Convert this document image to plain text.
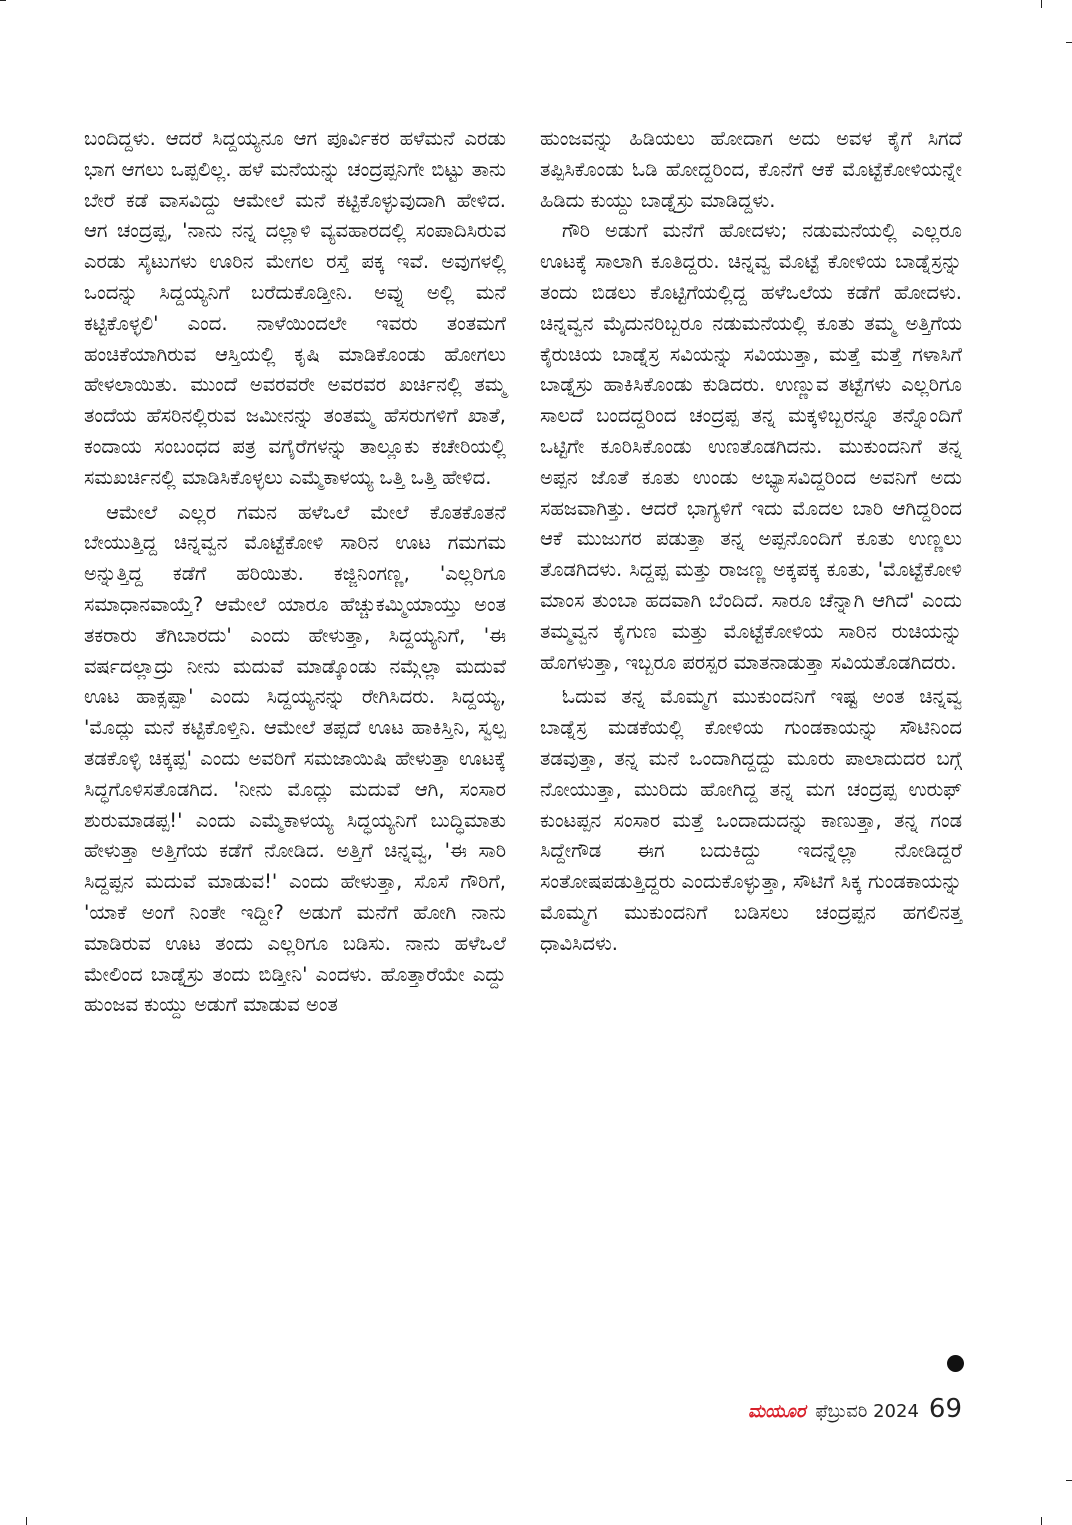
ಬಂದಿದ್ದಳು. ಆದರೆ ಸಿದ್ದಯ್ಯನೂ ಆಗ ಪೂರ್ವಿಕರ ಹಳೆಮನೆ ಎರಡು ಭಾಗ ಆಗಲು ಒಪ್ಪಲಿಲ್ಲ. ಹಳೆ ಮನೆಯನ್ನು ಚಂದ್ರಪ್ಪನಿಗೇ ಬಿಟ್ಟು ತಾನು ಬೇರೆ ಕಡೆ ವಾಸವಿದ್ದು ಆಮೇಲೆ ಮನೆ ಕಟ್ಟಿಕೊಳ್ಳುವುದಾಗಿ ಹೇಳಿದ. ಆಗ ಚಂದ್ರಪ್ಪ, 'ನಾನು ನನ್ನ ದಲ್ಲಾಳಿ ವ್ಯವಹಾರದಲ್ಲಿ ಸಂಪಾದಿಸಿರುವ ಎರಡು ಸೈಟುಗಳು ಊರಿನ ಮೇಗಲ ರಸ್ತೆ ಪಕ್ಕ ಇವೆ. ಅವುಗಳಲ್ಲಿ ಒಂದನ್ನು ಸಿದ್ದಯ್ಯನಿಗೆ ಬರೆದುಕೊಡ್ತೀನಿ. ಅವ್ನು ಅಲ್ಲಿ ಮನೆ ಕಟ್ಟಿಕೊಳ್ಳಲಿ' ಎಂದ. ನಾಳೆಯಿಂದಲೇ ಇವರು ತಂತಮಗೆ ಹಂಚಿಕೆಯಾಗಿರುವ ಆಸ್ತಿಯಲ್ಲಿ ಕೃಷಿ ಮಾಡಿಕೊಂಡು ಹೋಗಲು ಹೇಳಲಾಯಿತು. ಮುಂದೆ ಅವರವರೇ ಅವರವರ ಖರ್ಚಿನಲ್ಲಿ ತಮ್ಮ ತಂದೆಯ ಹೆಸರಿನಲ್ಲಿರುವ ಜಮೀನನ್ನು ತಂತಮ್ಮ ಹೆಸರುಗಳಿಗೆ ಖಾತೆ, ಕಂದಾಯ ಸಂಬಂಧದ ಪತ್ರ ವಗೈರೆಗಳನ್ನು ತಾಲ್ಲೂಕು ಕಚೇರಿಯಲ್ಲಿ ಸಮಖರ್ಚಿನಲ್ಲಿ ಮಾಡಿಸಿಕೊಳ್ಳಲು ಎಮ್ಮೆಕಾಳಯ್ಯ ಒತ್ತಿ ಒತ್ತಿ ಹೇಳಿದ.

ಆಮೇಲೆ ಎಲ್ಲರ ಗಮನ ಹಳೆಒಲೆ ಮೇಲೆ ಕೊತಕೊತನೆ ಬೇಯುತ್ತಿದ್ದ ಚಿನ್ನವ್ವನ ಮೊಟ್ಟೆಕೋಳಿ ಸಾರಿನ ಊಟ ಗಮಗಮ ಅನ್ನುತ್ತಿದ್ದ ಕಡೆಗೆ ಹರಿಯಿತು. ಕಜ್ಜಿನಿಂಗಣ್ಣ, 'ಎಲ್ಲರಿಗೂ ಸಮಾಧಾನವಾಯ್ತೆ? ಆಮೇಲೆ ಯಾರೂ ಹೆಚ್ಚುಕಮ್ಮಿಯಾಯ್ತು ಅಂತ ತಕರಾರು ತೆಗಿಬಾರದು' ಎಂದು ಹೇಳುತ್ತಾ, ಸಿದ್ದಯ್ಯನಿಗೆ, 'ಈ ವರ್ಷದಲ್ಲಾದ್ರು ನೀನು ಮದುವೆ ಮಾಡ್ಕೊಂಡು ನಮ್ಗೆಲ್ಲಾ ಮದುವೆ ಊಟ ಹಾಕ್ಸಪ್ಪಾ' ಎಂದು ಸಿದ್ದಯ್ಯನನ್ನು ರೇಗಿಸಿದರು. ಸಿದ್ದಯ್ಯ, 'ಮೊದ್ಲು ಮನೆ ಕಟ್ಟಿಕೊಳ್ತಿನಿ. ಆಮೇಲೆ ತಪ್ಪದೆ ಊಟ ಹಾಕಿಸ್ತಿನಿ, ಸ್ವಲ್ಪ ತಡಕೊಳ್ಳಿ ಚಿಕ್ಕಪ್ಪ' ಎಂದು ಅವರಿಗೆ ಸಮಜಾಯಿಷಿ ಹೇಳುತ್ತಾ ಊಟಕ್ಕೆ ಸಿದ್ಧಗೊಳಿಸತೊಡಗಿದ. 'ನೀನು ಮೊದ್ಲು ಮದುವೆ ಆಗಿ, ಸಂಸಾರ ಶುರುಮಾಡಪ್ಪ!' ಎಂದು ಎಮ್ಮೆಕಾಳಯ್ಯ ಸಿದ್ಧಯ್ಯನಿಗೆ ಬುದ್ಧಿಮಾತು ಹೇಳುತ್ತಾ ಅತ್ತಿಗೆಯ ಕಡೆಗೆ ನೋಡಿದ. ಅತ್ತಿಗೆ ಚಿನ್ನವ್ವ, 'ಈ ಸಾರಿ ಸಿದ್ದಪ್ಪನ ಮದುವೆ ಮಾಡುವ!' ಎಂದು ಹೇಳುತ್ತಾ, ಸೊಸೆ ಗೌರಿಗೆ, 'ಯಾಕೆ ಅಂಗೆ ನಿಂತೇ ಇದ್ದೀ? ಅಡುಗೆ ಮನೆಗೆ ಹೋಗಿ ನಾನು ಮಾಡಿರುವ ಊಟ ತಂದು ಎಲ್ಲರಿಗೂ ಬಡಿಸು. ನಾನು ಹಳೆಒಲೆ ಮೇಲಿಂದ ಬಾಡ್ನೆಸ್ರು ತಂದು ಬಿಡ್ತೀನಿ' ಎಂದಳು. ಹೊತ್ತಾರೆಯೇ ಎದ್ದು ಹುಂಜವ ಕುಯ್ದು ಅಡುಗೆ ಮಾಡುವ ಅಂತ

ಹುಂಜವನ್ನು ಹಿಡಿಯಲು ಹೋದಾಗ ಅದು ಅವಳ ಕೈಗೆ ಸಿಗದೆ ತಪ್ಪಿಸಿಕೊಂಡು ಓಡಿ ಹೋದ್ದರಿಂದ, ಕೊನೆಗೆ ಆಕೆ ಮೊಟ್ಟೆಕೋಳಿಯನ್ನೇ ಹಿಡಿದು ಕುಯ್ದು ಬಾಡ್ನೆಸ್ರು ಮಾಡಿದ್ದಳು.

ಗೌರಿ ಅಡುಗೆ ಮನೆಗೆ ಹೋದಳು; ನಡುಮನೆಯಲ್ಲಿ ಎಲ್ಲರೂ ಊಟಕ್ಕೆ ಸಾಲಾಗಿ ಕೂತಿದ್ದರು. ಚಿನ್ನವ್ವ ಮೊಟ್ಟೆ ಕೋಳಿಯ ಬಾಡ್ನೆಸ್ರನ್ನು ತಂದು ಬಿಡಲು ಕೊಟ್ಟಿಗೆಯಲ್ಲಿದ್ದ ಹಳೆಒಲೆಯ ಕಡೆಗೆ ಹೋದಳು. ಚಿನ್ನವ್ವನ ಮೈದುನರಿಬ್ಬರೂ ನಡುಮನೆಯಲ್ಲಿ ಕೂತು ತಮ್ಮ ಅತ್ತಿಗೆಯ ಕೈರುಚಿಯ ಬಾಡ್ನೆಸ್ರ ಸವಿಯನ್ನು ಸವಿಯುತ್ತಾ, ಮತ್ತೆ ಮತ್ತೆ ಗಳಾಸಿಗೆ ಬಾಡ್ನೆಸ್ರು ಹಾಕಿಸಿಕೊಂಡು ಕುಡಿದರು. ಉಣ್ಣುವ ತಟ್ಟೆಗಳು ಎಲ್ಲರಿಗೂ ಸಾಲದೆ ಬಂದದ್ದರಿಂದ ಚಂದ್ರಪ್ಪ ತನ್ನ ಮಕ್ಕಳಿಬ್ಬರನ್ನೂ ತನ್ನೊಂದಿಗೆ ಒಟ್ಟಿಗೇ ಕೂರಿಸಿಕೊಂಡು ಉಣತೊಡಗಿದನು. ಮುಕುಂದನಿಗೆ ತನ್ನ ಅಪ್ಪನ ಜೊತೆ ಕೂತು ಉಂಡು ಅಭ್ಯಾಸವಿದ್ದರಿಂದ ಅವನಿಗೆ ಅದು ಸಹಜವಾಗಿತ್ತು. ಆದರೆ ಭಾಗ್ಯಳಿಗೆ ಇದು ಮೊದಲ ಬಾರಿ ಆಗಿದ್ದರಿಂದ ಆಕೆ ಮುಜುಗರ ಪಡುತ್ತಾ ತನ್ನ ಅಪ್ಪನೊಂದಿಗೆ ಕೂತು ಉಣ್ಣಲು ತೊಡಗಿದಳು. ಸಿದ್ದಪ್ಪ ಮತ್ತು ರಾಜಣ್ಣ ಅಕ್ಕಪಕ್ಕ ಕೂತು, 'ಮೊಟ್ಟೆಕೋಳಿ ಮಾಂಸ ತುಂಬಾ ಹದವಾಗಿ ಬೆಂದಿದೆ. ಸಾರೂ ಚೆನ್ನಾಗಿ ಆಗಿದೆ' ಎಂದು ತಮ್ಮವ್ವನ ಕೈಗುಣ ಮತ್ತು ಮೊಟ್ಟೆಕೋಳಿಯ ಸಾರಿನ ರುಚಿಯನ್ನು ಹೊಗಳುತ್ತಾ, ಇಬ್ಬರೂ ಪರಸ್ಪರ ಮಾತನಾಡುತ್ತಾ ಸವಿಯತೊಡಗಿದರು.

ಓದುವ ತನ್ನ ಮೊಮ್ಮಗ ಮುಕುಂದನಿಗೆ ಇಷ್ಟ ಅಂತ ಚಿನ್ನವ್ವ ಬಾಡ್ನೆಸ್ರ ಮಡಕೆಯಲ್ಲಿ ಕೋಳಿಯ ಗುಂಡಕಾಯನ್ನು ಸೌಟಿನಿಂದ ತಡವುತ್ತಾ, ತನ್ನ ಮನೆ ಒಂದಾಗಿದ್ದದ್ದು ಮೂರು ಪಾಲಾದುದರ ಬಗ್ಗೆ ನೋಯುತ್ತಾ, ಮುರಿದು ಹೋಗಿದ್ದ ತನ್ನ ಮಗ ಚಂದ್ರಪ್ಪ ಉರುಫ್ ಕುಂಟಪ್ಪನ ಸಂಸಾರ ಮತ್ತೆ ಒಂದಾದುದನ್ನು ಕಾಣುತ್ತಾ, ತನ್ನ ಗಂಡ ಸಿದ್ದೇಗೌಡ ಈಗ ಬದುಕಿದ್ದು ಇದನ್ನೆಲ್ಲಾ ನೋಡಿದ್ದರೆ ಸಂತೋಷಪಡುತ್ತಿದ್ದರು ಎಂದುಕೊಳ್ಳುತ್ತಾ, ಸೌಟಿಗೆ ಸಿಕ್ಕ ಗುಂಡಕಾಯನ್ನು ಮೊಮ್ಮಗ ಮುಕುಂದನಿಗೆ ಬಡಿಸಲು ಚಂದ್ರಪ್ಪನ ಹಗಲಿನತ್ತ ಧಾವಿಸಿದಳು.

ಮಯೂರ ಫೆಬ್ರುವರಿ 2024 69
